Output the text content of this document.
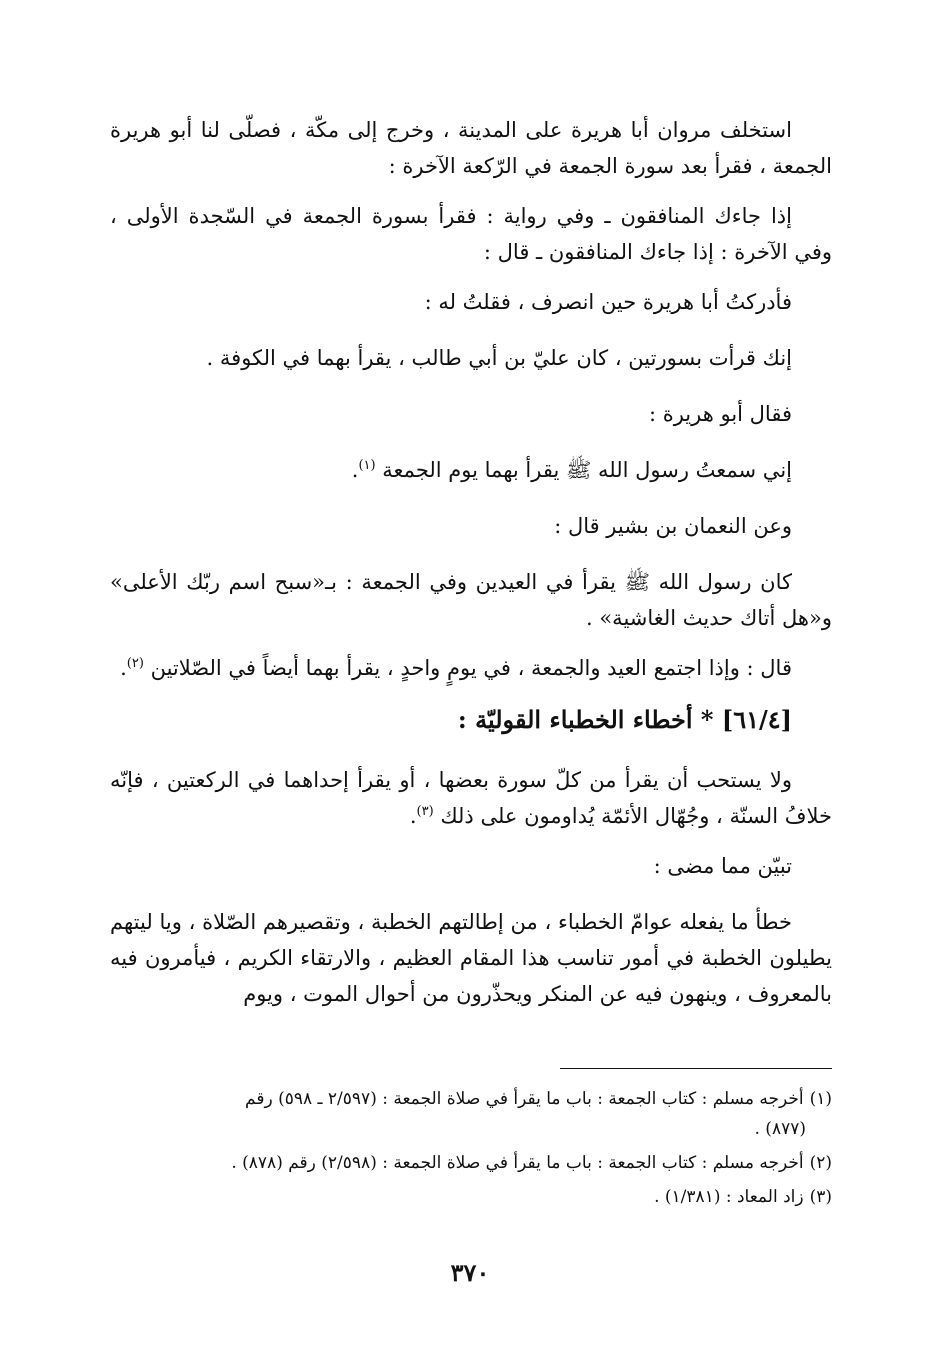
استخلف مروان أبا هريرة على المدينة ، وخرج إلى مكّة ، فصلّى لنا أبو هريرة الجمعة ، فقرأ بعد سورة الجمعة في الرّكعة الآخرة :

إذا جاءك المنافقون ـ وفي رواية : فقرأ بسورة الجمعة في السّجدة الأولى ، وفي الآخرة : إذا جاءك المنافقون ـ قال :

فأدركتُ أبا هريرة حين انصرف ، فقلتُ له :

إنك قرأت بسورتين ، كان عليّ بن أبي طالب ، يقرأ بهما في الكوفة .

فقال أبو هريرة :

إني سمعتُ رسول الله ﷺ يقرأ بهما يوم الجمعة $^{(١)}$.

وعن النعمان بن بشير قال :

كان رسول الله ﷺ يقرأ في العيدين وفي الجمعة : بـ«سبح اسم ربّك الأعلى» و«هل أتاك حديث الغاشية» .

قال : وإذا اجتمع العيد والجمعة ، في يومٍ واحدٍ ، يقرأ بهما أيضاً في الصّلاتين $^{(٢)}$.

[٦١/٤] * أخطاء الخطباء القوليّة :

ولا يستحب أن يقرأ من كلّ سورة بعضها ، أو يقرأ إحداهما في الركعتين ، فإنّه خلافُ السنّة ، وجُهّال الأئمّة يُداومون على ذلك $^{(٣)}$.

تبيّن مما مضى :

خطأ ما يفعله عوامّ الخطباء ، من إطالتهم الخطبة ، وتقصيرهم الصّلاة ، ويا ليتهم يطيلون الخطبة في أمور تناسب هذا المقام العظيم ، والارتقاء الكريم ، فيأمرون فيه بالمعروف ، وينهون فيه عن المنكر ويحذّرون من أحوال الموت ، ويوم

(١)أخرجه مسلم : كتاب الجمعة : باب ما يقرأ في صلاة الجمعة : (٢/٥٩٧ ـ ٥٩٨) رقم
(٨٧٧) .
(٢)أخرجه مسلم : كتاب الجمعة : باب ما يقرأ في صلاة الجمعة : (٢/٥٩٨) رقم (٨٧٨) .
(٣)زاد المعاد : (١/٣٨١) .
٣٧٠
